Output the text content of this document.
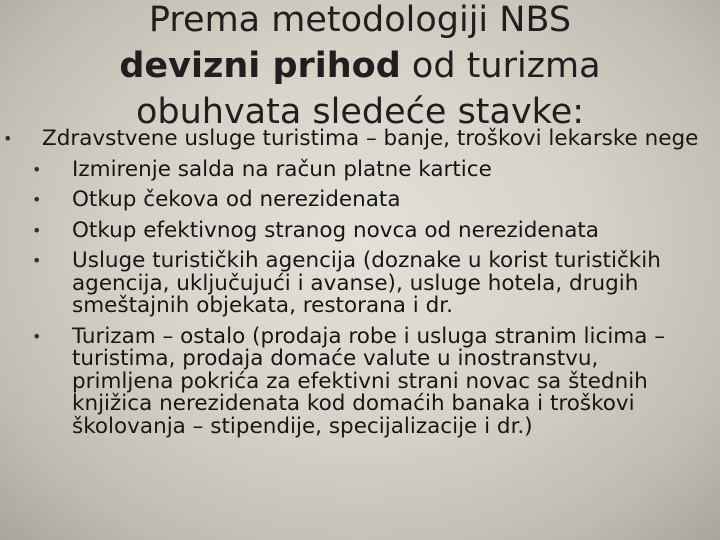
Prema metodologiji NBS
devizni prihod od turizma
obuhvata sledeće stavke:
• Zdravstvene usluge turistima – banje, troškovi lekarske nege
• Izmirenje salda na račun platne kartice
• Otkup čekova od nerezidenata
• Otkup efektivnog stranog novca od nerezidenata
• Usluge turističkih agencija (doznake u korist turističkih agencija, uključujući i avanse), usluge hotela, drugih smeštajnih objekata, restorana i dr.
• Turizam – ostalo (prodaja robe i usluga stranim licima – turistima, prodaja domaće valute u inostranstvu, primljena pokrića za efektivni strani novac sa štednih knjižica nerezidenata kod domaćih banaka i troškovi školovanja – stipendije, specijalizacije i dr.)
